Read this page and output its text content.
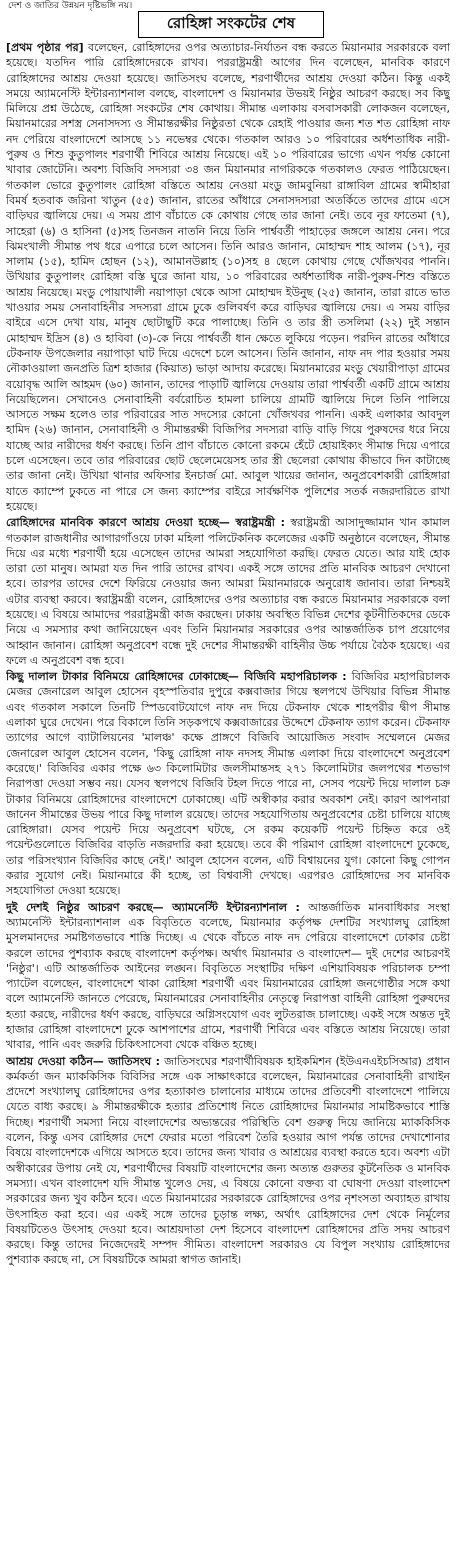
দেশ ও জাতির উন্নয়ন দৃষ্টিভঙ্গি নয়।
রোহিঙ্গা সংকটের শেষ

[প্রথম পৃষ্ঠার পর] বলেছেন, রোহিঙ্গাদের ওপর অত্যাচার-নির্যাতন বন্ধ করতে মিয়ানমার সরকারকে বলা হয়েছে। যতদিন পারি রোহিঙ্গাদেরকে রাখব। পররাষ্ট্রমন্ত্রী আগের দিন বলেছেন, মানবিক কারণে রোহিঙ্গাদের আশ্রয় দেওয়া হয়েছে। জাতিসংঘ বলেছে, শরণার্থীদের আশ্রয় দেওয়া কঠিন। কিন্তু একই সময়ে অ্যামনেস্টি ইন্টারন্যাশনাল বলছে, বাংলাদেশ ও মিয়ানমার উভয়ই নিষ্ঠুর আচরণ করছে। সব কিছু মিলিয়ে প্রশ্ন উঠেছে, রোহিঙ্গা সংকটের শেষ কোথায়। সীমান্ত এলাকায় বসবাসকারী লোকজন বলেছেন, মিয়ানমারের সশস্ত্র সেনাসদস্য ও সীমান্তরক্ষীর নিষ্ঠুরতা থেকে রেহাই পাওয়ার জন্য শত শত রোহিঙ্গা নাফ নদ পেরিয়ে বাংলাদেশে আসছে ১১ নভেম্বর থেকে। গতকাল আরও ১০ পরিবারের অর্ধশতাধিক নারী-পুরুষ ও শিশু কুতুপালং শরণার্থী শিবিরে আশ্রয় নিয়েছে। এই ১০ পরিবারের ভাগ্যে এখন পর্যন্ত কোনো খাবার জোটেনি। অবশ্য বিজিবি সদস্যরা ৩৪ জন মিয়ানমার নাগরিককে গতকালও ফেরত পাঠিয়েছেন। গতকাল ভোরে কুতুপালং রোহিঙ্গা বস্তিতে আশ্রয় নেওয়া মংডু জামবুনিয়া রাঙ্গাবিল গ্রামের স্বামীহারা বিমর্ষ হতবাক জরিনা খাতুন (৫৫) জানান, রাতের আঁধারে সেনাসদস্যরা অতর্কিতে তাদের গ্রামে এসে বাড়িঘর জ্বালিয়ে দেয়। এ সময় প্রাণ বাঁচাতে কে কোথায় গেছে তার জানা নেই। তবে নূর ফাতেমা (৭), সাহেরা (৬) ও হাসিনা (৫)সহ তিনজন নাতনি নিয়ে তিনি পার্শ্ববর্তী পাহাড়ের জঙ্গলে আশ্রয় নেন। পরে ঝিমংখালী সীমান্ত পথ ধরে এপারে চলে আসেন। তিনি আরও জানান, মোহাম্মদ শাহ আলম (১৭), নূর সালাম (১৫), হামিদ হোছন (১২), আমানউল্লাহ (১০)সহ ৪ ছেলে কোথায় গেছে খোঁজখবর পাননি। উখিয়ার কুতুপালং রোহিঙ্গা বস্তি ঘুরে জানা যায়, ১০ পরিবারের অর্ধশতাধিক নারী-পুরুষ-শিশু বস্তিতে আশ্রয় নিয়েছে। মংডু পোয়াখালী নয়াপাড়া থেকে আসা মোহাম্মদ ইউনুছ (২৫) জানান, তারা রাতে ভাত খাওয়ার সময় সেনাবাহিনীর সদস্যরা গ্রামে ঢুকে গুলিবর্ষণ করে বাড়িঘর জ্বালিয়ে দেয়। এ সময় বাড়ির বাইরে এসে দেখা যায়, মানুষ ছোটাছুটি করে পালাচ্ছে। তিনি ও তার স্ত্রী তসলিমা (২২) দুই সন্তান মোহাম্মদ ইদ্রিস (৪) ও হাবিবা (৩)-কে নিয়ে পার্শ্ববর্তী ধান ক্ষেতে লুকিয়ে পড়েন। পরদিন রাতের আঁধারে টেকনাফ উপজেলার নয়াপাড়া ঘাট দিয়ে এদেশে চলে আসেন। তিনি জানান, নাফ নদ পার হওয়ার সময় নৌকাওয়ালা জনপ্রতি ত্রিশ হাজার (কিয়াত) ভাড়া আদায় করেছে। মিয়ানমারের মংডু খেয়ারীপাড়া গ্রামের বয়োবৃদ্ধ আলি আহমদ (৬০) জানান, তাদের পাড়াটি জ্বালিয়ে দেওয়ায় তারা পার্শ্ববর্তী একটি গ্রামে আশ্রয় নিয়েছিলেন। সেখানেও সেনাবাহিনী বর্বরোচিত হামলা চালিয়ে গ্রামটি জ্বালিয়ে দিলে তিনি পালিয়ে আসতে সক্ষম হলেও তার পরিবারের সাত সদস্যের কোনো খোঁজখবর পাননি। একই এলাকার আবদুল হামিদ (২৬) জানান, সেনাবাহিনী ও সীমান্তরক্ষী বিজিপির সদস্যরা বাড়ি বাড়ি গিয়ে পুরুষদের ধরে নিয়ে যাচ্ছে আর নারীদের ধর্ষণ করছে। তিনি প্রাণ বাঁচাতে কোনো রকমে হেঁটে হোয়াইক্যং সীমান্ত দিয়ে এপারে চলে এসেছেন। তবে তার পরিবারের ছোট ছেলেমেয়েসহ তার স্ত্রী ছেলেরা কোথায় কীভাবে দিন কাটাচ্ছে তার জানা নেই। উখিয়া থানার অফিসার ইনচার্জ মো. আবুল খায়ের জানান, অনুপ্রবেশকারী রোহিঙ্গারা যাতে ক্যাম্পে ঢুকতে না পারে সে জন্য ক্যাম্পের বাইরে সার্বক্ষণিক পুলিশের সতর্ক নজরদারিতে রাখা হয়েছে।

রোহিঙ্গাদের মানবিক কারণে আশ্রয় দেওয়া হচ্ছে— স্বরাষ্ট্রমন্ত্রী : স্বরাষ্ট্রমন্ত্রী আসাদুজ্জামান খান কামাল গতকাল রাজধানীর আগারগাঁওয়ে ঢাকা মহিলা পলিটেকনিক কলেজের একটি অনুষ্ঠানে বলেছেন, সীমান্ত দিয়ে এর মধ্যে শরণার্থী হয়ে এসেছেন তাদের আমরা সহযোগিতা করছি। ফেরত যেতে। আর যাই হোক তারা তো মানুষ। আমরা যত দিন পারি তাদের রাখব। একই সঙ্গে তাদের প্রতি মানবিক আচরণ দেখানো হবে। তারপর তাদের দেশে ফিরিয়ে নেওয়ার জন্য আমরা মিয়ানমারকে অনুরোধ জানাব। তারা নিশ্চয়ই এটার ব্যবস্থা করবে। স্বরাষ্ট্রমন্ত্রী বলেন, রোহিঙ্গাদের ওপর অত্যাচার বন্ধ করতে মিয়ানমার সরকারকে বলা হয়েছে। এ বিষয়ে আমাদের পররাষ্ট্রমন্ত্রী কাজ করছেন। ঢাকায় অবস্থিত বিভিন্ন দেশের কূটনীতিকদের ডেকে নিয়ে এ সমস্যার কথা জানিয়েছেন এবং তিনি মিয়ানমার সরকারের ওপর আন্তর্জাতিক চাপ প্রয়োগের আহ্বান জানান। রোহিঙ্গা অনুপ্রবেশ বন্ধে দুই দেশের সীমান্তরক্ষী বাহিনীর উচ্চ পর্যায়ে বৈঠক হয়েছে। এর ফলে এ অনুপ্রবেশ বন্ধ হবে।

কিছু দালাল টাকার বিনিময়ে রোহিঙ্গাদের ঢোকাচ্ছে— বিজিবি মহাপরিচালক : বিজিবির মহাপরিচালক মেজর জেনারেল আবুল হোসেন বৃহস্পতিবার দুপুরে কক্সবাজার গিয়ে স্থলপথে উখিয়ার বিভিন্ন সীমান্ত এবং গতকাল সকালে তিনটি স্পিডবোটযোগে নাফ নদ দিয়ে টেকনাফ থেকে শাহপরীর দ্বীপ সীমান্ত এলাকা ঘুরে দেখেন। পরে বিকালে তিনি সড়কপথে কক্সবাজারের উদ্দেশে টেকনাফ ত্যাগ করেন। টেকনাফ ত্যাগের আগে ব্যাটালিয়নের 'মালঞ্চ' কক্ষে প্রাঙ্গণে বিজিবি আয়োজিত সংবাদ সম্মেলনে মেজর জেনারেল আবুল হোসেন বলেন, 'কিছু রোহিঙ্গা নাফ নদসহ সীমান্ত এলাকা দিয়ে বাংলাদেশে অনুপ্রবেশ করেছে।' বিজিবির একার পক্ষে ৬৩ কিলোমিটার জলসীমান্তসহ ২৭১ কিলোমিটার জলপথের শতভাগ নিরাপত্তা দেওয়া সম্ভব নয়। যেসব স্থলপথে বিজিবি টহল দিতে পারে না, সেসব পয়েন্ট দিয়ে দালাল চক্র টাকার বিনিময়ে রোহিঙ্গাদের বাংলাদেশে ঢোকাচ্ছে। এটি অস্বীকার করার অবকাশ নেই। কারণ আপনারা জানেন সীমান্তের উভয় পারে কিছু দালাল রয়েছে। তাদের সহযোগিতায় অনুপ্রবেশের চেষ্টা চালিয়ে যাচ্ছে রোহিঙ্গারা। যেসব পয়েন্ট দিয়ে অনুপ্রবেশ ঘটছে, সে রকম কয়েকটি পয়েন্ট চিহ্নিত করে ওই পয়েন্টগুলোতে বিজিবির বাড়তি নজরদারি করা হয়েছে। তবে কী পরিমাণ রোহিঙ্গা বাংলাদেশে ঢুকেছে, তার পরিসংখ্যান বিজিবির কাছে নেই।' আবুল হোসেন বলেন, এটি বিশ্বায়নের যুগ। কোনো কিছু গোপন করার সুযোগ নেই। মিয়ানমারে কী হচ্ছে, তা বিশ্ববাসী দেখছে। এরপরও রোহিঙ্গাদের সব মানবিক সহযোগিতা দেওয়া হয়েছে।

দুই দেশই নিষ্ঠুর আচরণ করছে— অ্যামনেস্টি ইন্টারন্যাশনাল : আন্তর্জাতিক মানবাধিকার সংস্থা অ্যামনেস্টি ইন্টারন্যাশনাল এক বিবৃতিতে বলেছে, মিয়ানমার কর্তৃপক্ষ দেশটির সংখ্যালঘু রোহিঙ্গা মুসলমানদের সমষ্টিগতভাবে শাস্তি দিচ্ছে। এ থেকে বাঁচতে নাফ নদ পেরিয়ে বাংলাদেশে ঢোকার চেষ্টা করলে তাদের পুশব্যাক করছে বাংলাদেশ কর্তৃপক্ষ। অর্থাৎ মিয়ানমার ও বাংলাদেশ— দুই দেশের আচরণই 'নিষ্ঠুর'। এটি আন্তর্জাতিক আইনের লঙ্ঘন। বিবৃতিতে সংস্থাটির দক্ষিণ এশিয়াবিষয়ক পরিচালক চম্পা প্যাটেল বলেছেন, বাংলাদেশে থাকা রোহিঙ্গা শরণার্থী এবং মিয়ানমারের রোহিঙ্গা জনগোষ্ঠীর সঙ্গে কথা বলে অ্যামনেস্টি জানতে পেরেছে, মিয়ানমারের সেনাবাহিনীর নেতৃত্বে নিরাপত্তা বাহিনী রোহিঙ্গা পুরুষদের হত্যা করছে, নারীদের ধর্ষণ করছে, বাড়িঘরে অগ্নিসংযোগ এবং লুটতরাজ চালাচ্ছে। একই সঙ্গে অন্তত দুই হাজার রোহিঙ্গা বাংলাদেশে ঢুকে আশপাশের গ্রামে, শরণার্থী শিবিরে এবং বস্তিতে আশ্রয় নিয়েছে। তারা খাবার, পানি এবং জরুরি চিকিৎসাসেবা থেকে বঞ্চিত হচ্ছে।

আশ্রয় দেওয়া কঠিন— জাতিসংঘ : জাতিসংঘের শরণার্থীবিষয়ক হাইকমিশন (ইউএনএইচসিআর) প্রধান কর্মকর্তা জন ম্যাককিসিক বিবিসির সঙ্গে এক সাক্ষাৎকারে বলেছেন, মিয়ানমারের সেনাবাহিনী রাখাইন প্রদেশে সংখ্যালঘু রোহিঙ্গাদের ওপর হত্যাকাণ্ড চালানোর মাধ্যমে তাদের প্রতিবেশী বাংলাদেশে পালিয়ে যেতে বাধ্য করছে। ৯ সীমান্তরক্ষীকে হত্যার প্রতিশোধ নিতে রোহিঙ্গাদের মিয়ানমার সামষ্টিকভাবে শাস্তি দিচ্ছে। শরণার্থী সমস্যা নিয়ে বাংলাদেশের অভ্যন্তরের পরিস্থিতি বেশ গুরুত্ব দিয়ে জানিয়ে ম্যাককিসিক বলেন, কিন্তু এসব রোহিঙ্গার দেশে ফেরার মতো পরিবেশ তৈরি হওয়ার আগ পর্যন্ত তাদের দেখাশোনার বিষয়ে বাংলাদেশকে এগিয়ে আসতে হবে। তাদের জন্য খাবার ও আশ্রয়ের ব্যবস্থা করতে হবে। অবশ্য এটা অস্বীকারের উপায় নেই যে, শরণার্থীদের বিষয়টি বাংলাদেশের জন্য অত্যন্ত গুরুতর কূটনৈতিক ও মানবিক সমস্যা। এখন বাংলাদেশ যদি সীমান্ত খুলেও দেয়, এ বিষয়ে কোনো বক্তব্য বা ঘোষণা দেওয়া বাংলাদেশ সরকারের জন্য খুব কঠিন হবে। এতে মিয়ানমারের সরকারকে রোহিঙ্গাদের ওপর নৃশংসতা অব্যাহত রাখায় উৎসাহিত করা হবে। এর একই সঙ্গে তাদের চূড়ান্ত লক্ষ্য, অর্থাৎ রোহিঙ্গাদের দেশ থেকে নির্মূলের বিষয়টিতেও উৎসাহ দেওয়া হবে। আশ্রয়দাতা দেশ হিসেবে বাংলাদেশ রোহিঙ্গাদের প্রতি সদয় আচরণ করছে। কিন্তু তাদের নিজেদেরই সম্পদ সীমিত। বাংলাদেশ সরকারও যে বিপুল সংখ্যায় রোহিঙ্গাদের পুশব্যাক করছে না, সে বিষয়টিকে আমরা স্বাগত জানাই।
